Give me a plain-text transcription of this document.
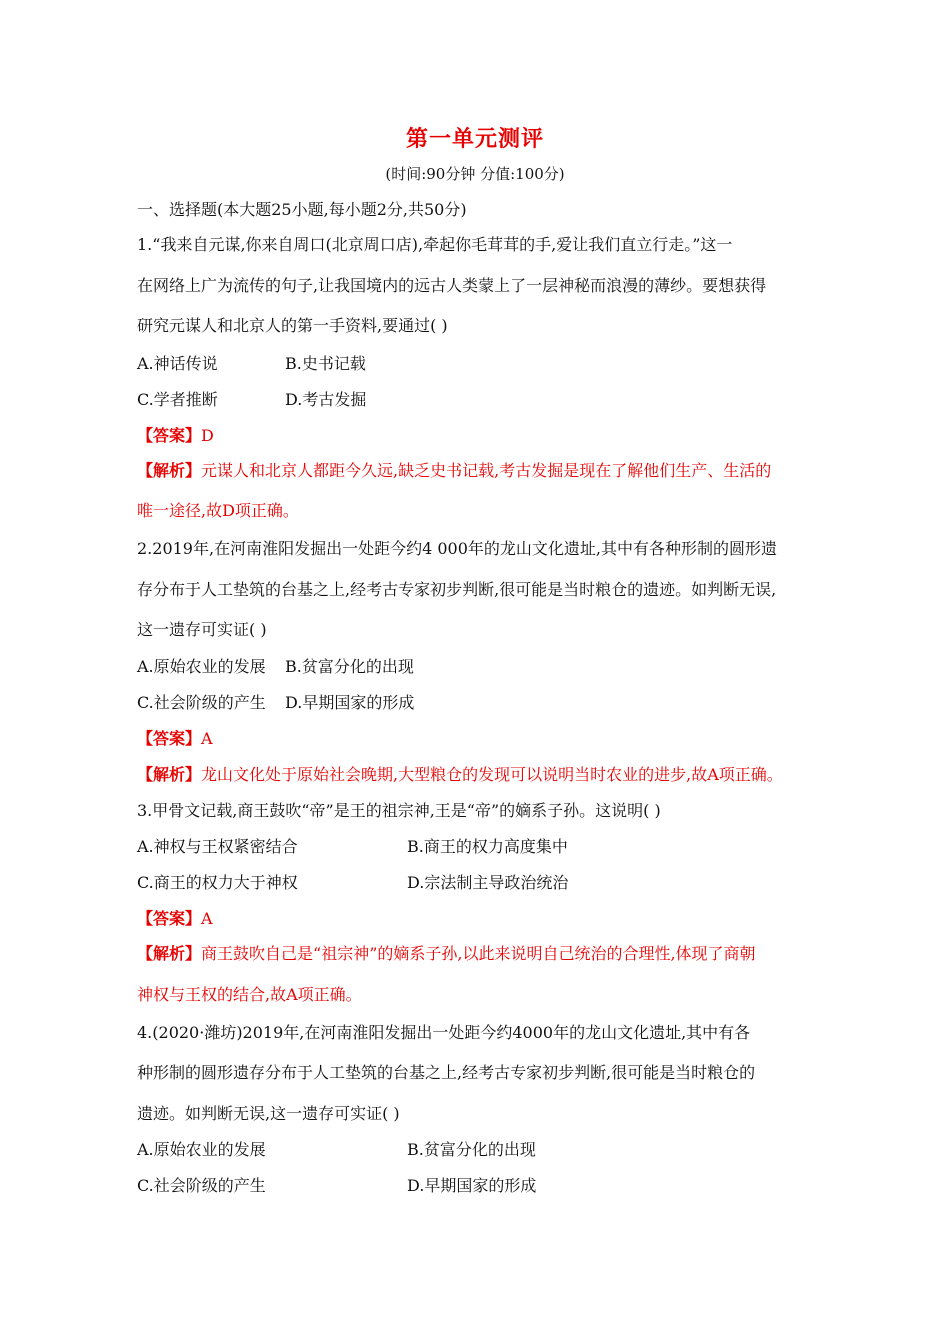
第一单元测评
(时间:90分钟 分值:100分)
一、选择题(本大题25小题,每小题2分,共50分)
1.“我来自元谋,你来自周口(北京周口店),牵起你毛茸茸的手,爱让我们直立行走。”这一
在网络上广为流传的句子,让我国境内的远古人类蒙上了一层神秘而浪漫的薄纱。要想获得
研究元谋人和北京人的第一手资料,要通过( )
A.神话传说	B.史书记载
C.学者推断	D.考古发掘
【答案】D
【解析】元谋人和北京人都距今久远,缺乏史书记载,考古发掘是现在了解他们生产、生活的
唯一途径,故D项正确。
2.2019年,在河南淮阳发掘出一处距今约4 000年的龙山文化遗址,其中有各种形制的圆形遗
存分布于人工垫筑的台基之上,经考古专家初步判断,很可能是当时粮仓的遗迹。如判断无误,
这一遗存可实证( )
A.原始农业的发展 B.贫富分化的出现
C.社会阶级的产生 D.早期国家的形成
【答案】A
【解析】龙山文化处于原始社会晚期,大型粮仓的发现可以说明当时农业的进步,故A项正确。
3.甲骨文记载,商王鼓吹“帝”是王的祖宗神,王是“帝”的嫡系子孙。这说明( )
A.神权与王权紧密结合	B.商王的权力高度集中
C.商王的权力大于神权	D.宗法制主导政治统治
【答案】A
【解析】商王鼓吹自己是“祖宗神”的嫡系子孙,以此来说明自己统治的合理性,体现了商朝
神权与王权的结合,故A项正确。
4.(2020·潍坊)2019年,在河南淮阳发掘出一处距今约4000年的龙山文化遗址,其中有各
种形制的圆形遗存分布于人工垫筑的台基之上,经考古专家初步判断,很可能是当时粮仓的
遗迹。如判断无误,这一遗存可实证( )
A.原始农业的发展	B.贫富分化的出现
C.社会阶级的产生	D.早期国家的形成
